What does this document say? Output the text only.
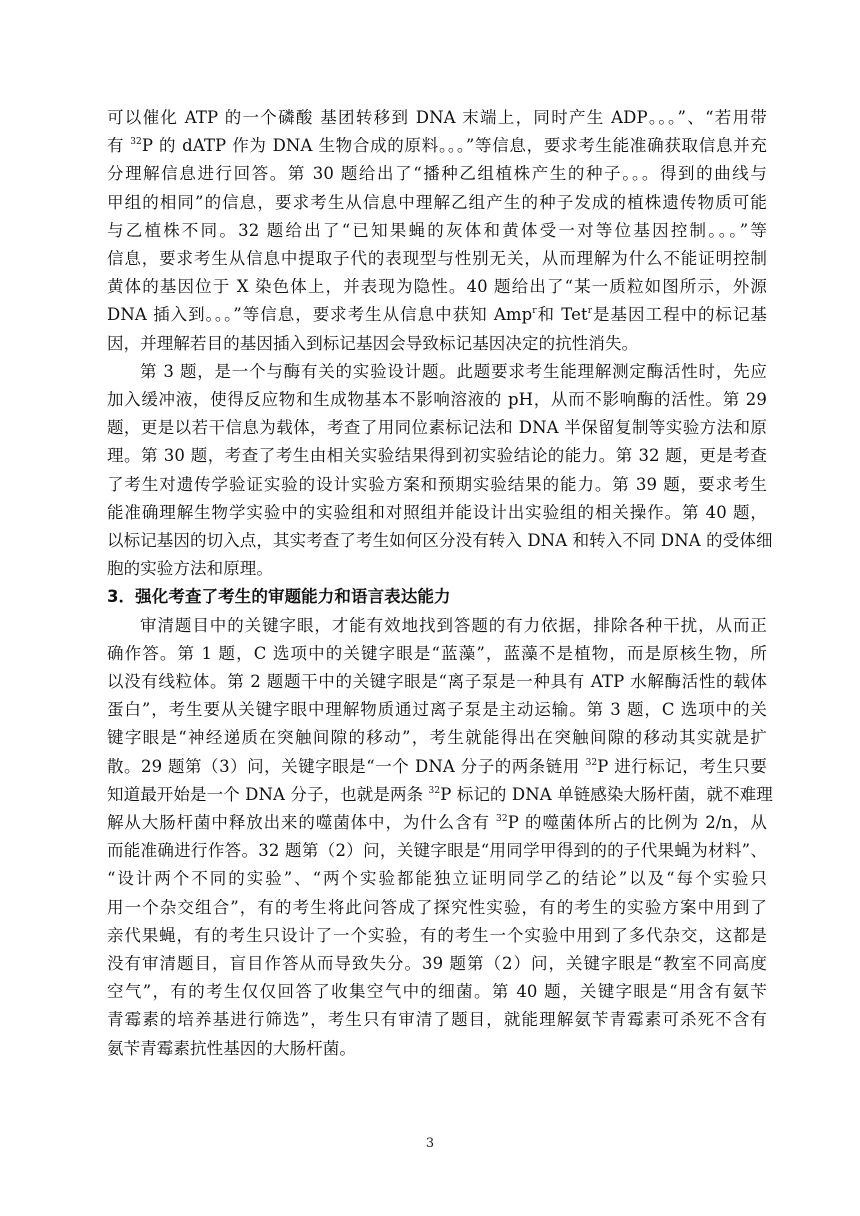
可以催化 ATP 的一个磷酸 基团转移到 DNA 末端上，同时产生 ADP。。。”、“若用带
有 $^{32}$P 的 dATP 作为 DNA 生物合成的原料。。。”等信息，要求考生能准确获取信息并充
分理解信息进行回答。第 30 题给出了“播种乙组植株产生的种子。。。得到的曲线与
甲组的相同”的信息，要求考生从信息中理解乙组产生的种子发成的植株遗传物质可能
与乙植株不同。32 题给出了“已知果蝇的灰体和黄体受一对等位基因控制。。。”等
信息，要求考生从信息中提取子代的表现型与性别无关，从而理解为什么不能证明控制
黄体的基因位于 X 染色体上，并表现为隐性。40 题给出了“某一质粒如图所示，外源
DNA 插入到。。。”等信息，要求考生从信息中获知 Amp$^r$和 Tet$^r$是基因工程中的标记基
因，并理解若目的基因插入到标记基因会导致标记基因决定的抗性消失。
第 3 题，是一个与酶有关的实验设计题。此题要求考生能理解测定酶活性时，先应
加入缓冲液，使得反应物和生成物基本不影响溶液的 pH，从而不影响酶的活性。第 29
题，更是以若干信息为载体，考查了用同位素标记法和 DNA 半保留复制等实验方法和原
理。第 30 题，考查了考生由相关实验结果得到初实验结论的能力。第 32 题，更是考查
了考生对遗传学验证实验的设计实验方案和预期实验结果的能力。第 39 题，要求考生
能准确理解生物学实验中的实验组和对照组并能设计出实验组的相关操作。第 40 题，
以标记基因的切入点，其实考查了考生如何区分没有转入 DNA 和转入不同 DNA 的受体细
胞的实验方法和原理。
3．强化考查了考生的审题能力和语言表达能力
审清题目中的关键字眼，才能有效地找到答题的有力依据，排除各种干扰，从而正
确作答。第 1 题，C 选项中的关键字眼是“蓝藻”，蓝藻不是植物，而是原核生物，所
以没有线粒体。第 2 题题干中的关键字眼是“离子泵是一种具有 ATP 水解酶活性的载体
蛋白”，考生要从关键字眼中理解物质通过离子泵是主动运输。第 3 题，C 选项中的关
键字眼是“神经递质在突触间隙的移动”，考生就能得出在突触间隙的移动其实就是扩
散。29 题第（3）问，关键字眼是“一个 DNA 分子的两条链用 $^{32}$P 进行标记，考生只要
知道最开始是一个 DNA 分子，也就是两条 $^{32}$P 标记的 DNA 单链感染大肠杆菌，就不难理
解从大肠杆菌中释放出来的噬菌体中，为什么含有 $^{32}$P 的噬菌体所占的比例为 2/n，从
而能准确进行作答。32 题第（2）问，关键字眼是“用同学甲得到的的子代果蝇为材料”、
“设计两个不同的实验”、“两个实验都能独立证明同学乙的结论”以及“每个实验只
用一个杂交组合”，有的考生将此问答成了探究性实验，有的考生的实验方案中用到了
亲代果蝇，有的考生只设计了一个实验，有的考生一个实验中用到了多代杂交，这都是
没有审清题目，盲目作答从而导致失分。39 题第（2）问，关键字眼是“教室不同高度
空气”，有的考生仅仅回答了收集空气中的细菌。第 40 题，关键字眼是“用含有氨苄
青霉素的培养基进行筛选”，考生只有审清了题目，就能理解氨苄青霉素可杀死不含有
氨苄青霉素抗性基因的大肠杆菌。
3
